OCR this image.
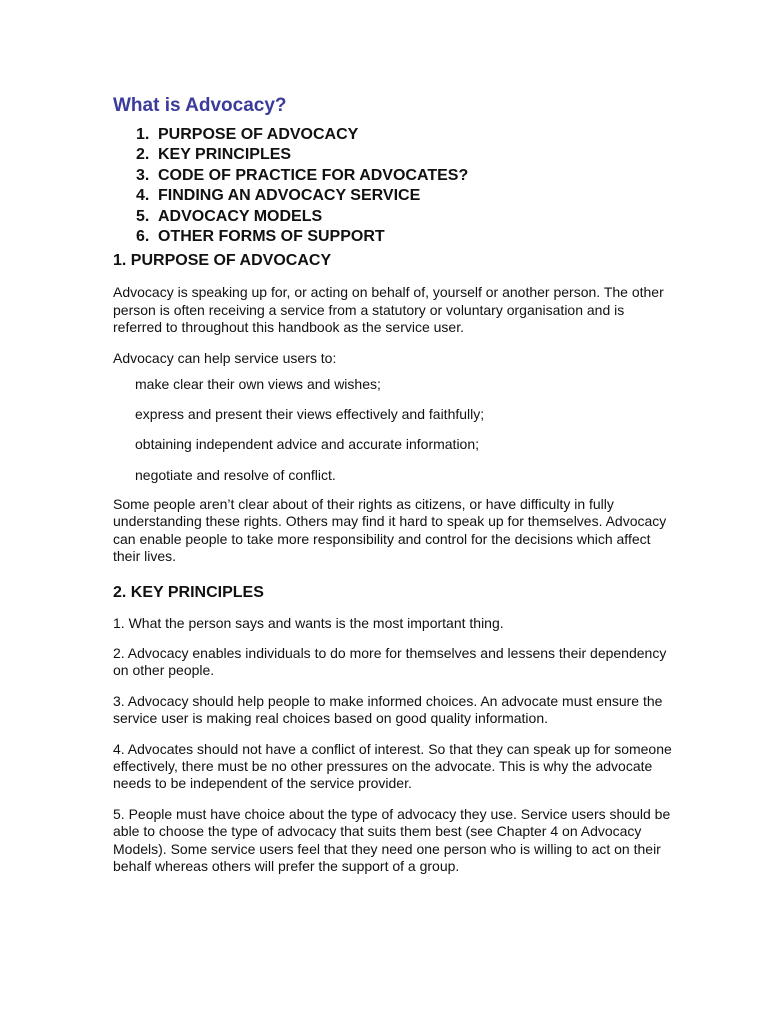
What is Advocacy?
1. PURPOSE OF ADVOCACY
2. KEY PRINCIPLES
3. CODE OF PRACTICE FOR ADVOCATES?
4. FINDING AN ADVOCACY SERVICE
5. ADVOCACY MODELS
6. OTHER FORMS OF SUPPORT
1. PURPOSE OF ADVOCACY

Advocacy is speaking up for, or acting on behalf of, yourself or another person. The other person is often receiving a service from a statutory or voluntary organisation and is referred to throughout this handbook as the service user.

Advocacy can help service users to:

make clear their own views and wishes;

express and present their views effectively and faithfully;

obtaining independent advice and accurate information;

negotiate and resolve of conflict.

Some people aren’t clear about of their rights as citizens, or have difficulty in fully understanding these rights. Others may find it hard to speak up for themselves. Advocacy can enable people to take more responsibility and control for the decisions which affect their lives.

2. KEY PRINCIPLES

1. What the person says and wants is the most important thing.

2. Advocacy enables individuals to do more for themselves and lessens their dependency on other people.

3. Advocacy should help people to make informed choices. An advocate must ensure the service user is making real choices based on good quality information.

4. Advocates should not have a conflict of interest. So that they can speak up for someone effectively, there must be no other pressures on the advocate. This is why the advocate needs to be independent of the service provider.

5. People must have choice about the type of advocacy they use. Service users should be able to choose the type of advocacy that suits them best (see Chapter 4 on Advocacy Models). Some service users feel that they need one person who is willing to act on their behalf whereas others will prefer the support of a group.
